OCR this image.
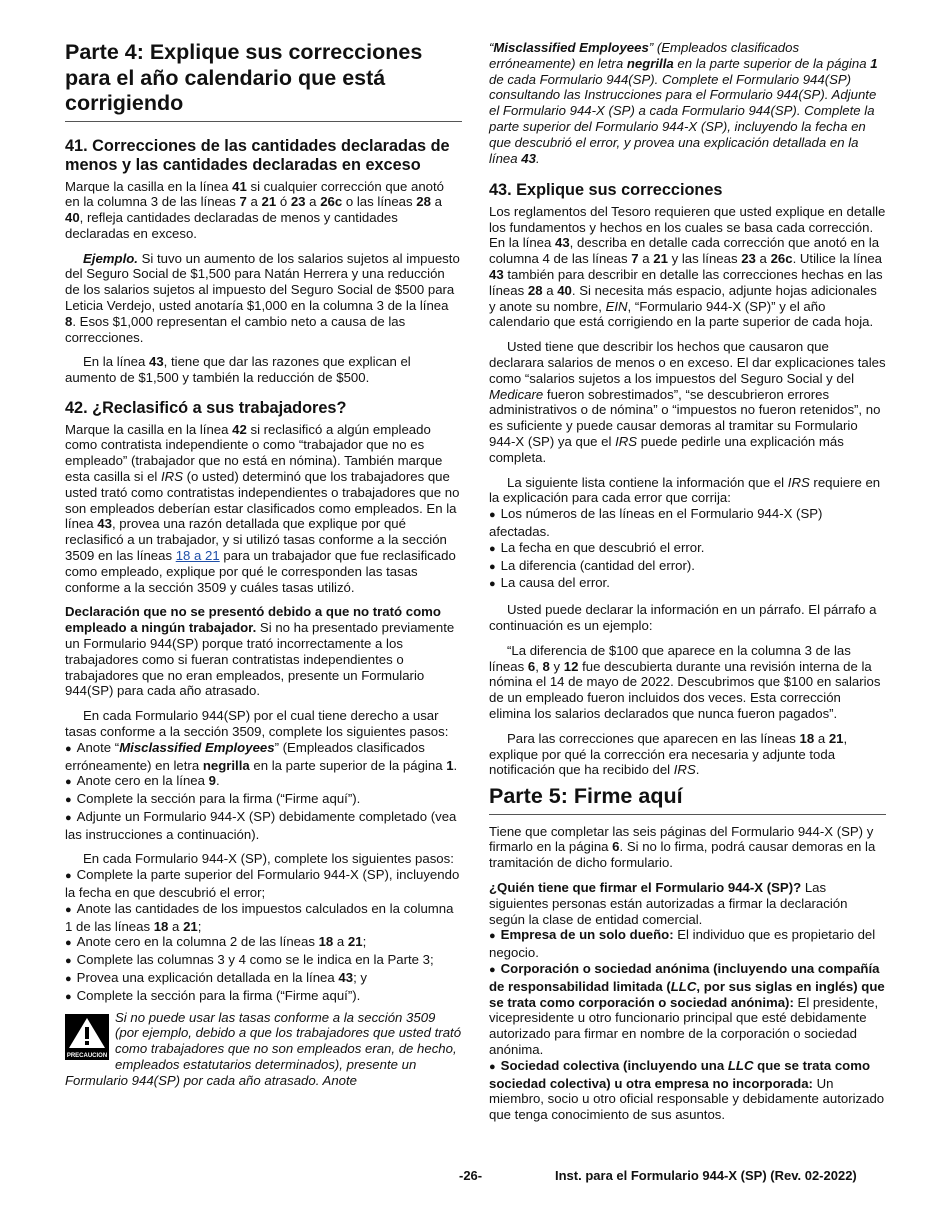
Parte 4: Explique sus correcciones para el año calendario que está corrigiendo
41. Correcciones de las cantidades declaradas de menos y las cantidades declaradas en exceso

Marque la casilla en la línea 41 si cualquier corrección que anotó en la columna 3 de las líneas 7 a 21 ó 23 a 26c o las líneas 28 a 40, refleja cantidades declaradas de menos y cantidades declaradas en exceso.

Ejemplo. Si tuvo un aumento de los salarios sujetos al impuesto del Seguro Social de $1,500 para Natán Herrera y una reducción de los salarios sujetos al impuesto del Seguro Social de $500 para Leticia Verdejo, usted anotaría $1,000 en la columna 3 de la línea 8. Esos $1,000 representan el cambio neto a causa de las correcciones.

En la línea 43, tiene que dar las razones que explican el aumento de $1,500 y también la reducción de $500.

42. ¿Reclasificó a sus trabajadores?

Marque la casilla en la línea 42 si reclasificó a algún empleado como contratista independiente o como “trabajador que no es empleado” (trabajador que no está en nómina). También marque esta casilla si el IRS (o usted) determinó que los trabajadores que usted trató como contratistas independientes o trabajadores que no son empleados deberían estar clasificados como empleados. En la línea 43, provea una razón detallada que explique por qué reclasificó a un trabajador, y si utilizó tasas conforme a la sección 3509 en las líneas 18 a 21 para un trabajador que fue reclasificado como empleado, explique por qué le corresponden las tasas conforme a la sección 3509 y cuáles tasas utilizó.

Declaración que no se presentó debido a que no trató como empleado a ningún trabajador. Si no ha presentado previamente un Formulario 944(SP) porque trató incorrectamente a los trabajadores como si fueran contratistas independientes o trabajadores que no eran empleados, presente un Formulario 944(SP) para cada año atrasado.

En cada Formulario 944(SP) por el cual tiene derecho a usar tasas conforme a la sección 3509, complete los siguientes pasos:

● Anote “Misclassified Employees” (Empleados clasificados erróneamente) en letra negrilla en la parte superior de la página 1.
● Anote cero en la línea 9.
● Complete la sección para la firma (“Firme aquí”).
● Adjunte un Formulario 944-X (SP) debidamente completado (vea las instrucciones a continuación).

En cada Formulario 944-X (SP), complete los siguientes pasos:

● Complete la parte superior del Formulario 944-X (SP), incluyendo la fecha en que descubrió el error;
● Anote las cantidades de los impuestos calculados en la columna 1 de las líneas 18 a 21;
● Anote cero en la columna 2 de las líneas 18 a 21;
● Complete las columnas 3 y 4 como se le indica en la Parte 3;
● Provea una explicación detallada en la línea 43; y
● Complete la sección para la firma (“Firme aquí”).
PRECAUCION

Si no puede usar las tasas conforme a la sección 3509 (por ejemplo, debido a que los trabajadores que usted trató como trabajadores que no son empleados eran, de hecho, empleados estatutarios determinados), presente un Formulario 944(SP) por cada año atrasado. Anote

“Misclassified Employees” (Empleados clasificados erróneamente) en letra negrilla en la parte superior de la página 1 de cada Formulario 944(SP). Complete el Formulario 944(SP) consultando las Instrucciones para el Formulario 944(SP). Adjunte el Formulario 944-X (SP) a cada Formulario 944(SP). Complete la parte superior del Formulario 944-X (SP), incluyendo la fecha en que descubrió el error, y provea una explicación detallada en la línea 43.

43. Explique sus correcciones

Los reglamentos del Tesoro requieren que usted explique en detalle los fundamentos y hechos en los cuales se basa cada corrección. En la línea 43, describa en detalle cada corrección que anotó en la columna 4 de las líneas 7 a 21 y las líneas 23 a 26c. Utilice la línea 43 también para describir en detalle las correcciones hechas en las líneas 28 a 40. Si necesita más espacio, adjunte hojas adicionales y anote su nombre, EIN, “Formulario 944-X (SP)” y el año calendario que está corrigiendo en la parte superior de cada hoja.

Usted tiene que describir los hechos que causaron que declarara salarios de menos o en exceso. El dar explicaciones tales como “salarios sujetos a los impuestos del Seguro Social y del Medicare fueron sobrestimados”, “se descubrieron errores administrativos o de nómina” o “impuestos no fueron retenidos”, no es suficiente y puede causar demoras al tramitar su Formulario 944-X (SP) ya que el IRS puede pedirle una explicación más completa.

La siguiente lista contiene la información que el IRS requiere en la explicación para cada error que corrija:

● Los números de las líneas en el Formulario 944-X (SP) afectadas.
● La fecha en que descubrió el error.
● La diferencia (cantidad del error).
● La causa del error.

Usted puede declarar la información en un párrafo. El párrafo a continuación es un ejemplo:

“La diferencia de $100 que aparece en la columna 3 de las líneas 6, 8 y 12 fue descubierta durante una revisión interna de la nómina el 14 de mayo de 2022. Descubrimos que $100 en salarios de un empleado fueron incluidos dos veces. Esta corrección elimina los salarios declarados que nunca fueron pagados”.

Para las correcciones que aparecen en las líneas 18 a 21, explique por qué la corrección era necesaria y adjunte toda notificación que ha recibido del IRS.

Parte 5: Firme aquí

Tiene que completar las seis páginas del Formulario 944-X (SP) y firmarlo en la página 6. Si no lo firma, podrá causar demoras en la tramitación de dicho formulario.

¿Quién tiene que firmar el Formulario 944-X (SP)? Las siguientes personas están autorizadas a firmar la declaración según la clase de entidad comercial.

● Empresa de un solo dueño: El individuo que es propietario del negocio.
● Corporación o sociedad anónima (incluyendo una compañía de responsabilidad limitada (LLC, por sus siglas en inglés) que se trata como corporación o sociedad anónima): El presidente, vicepresidente u otro funcionario principal que esté debidamente autorizado para firmar en nombre de la corporación o sociedad anónima.
● Sociedad colectiva (incluyendo una LLC que se trata como sociedad colectiva) u otra empresa no incorporada: Un miembro, socio u otro oficial responsable y debidamente autorizado que tenga conocimiento de sus asuntos.
-26-	Inst. para el Formulario 944-X (SP) (Rev. 02-2022)
